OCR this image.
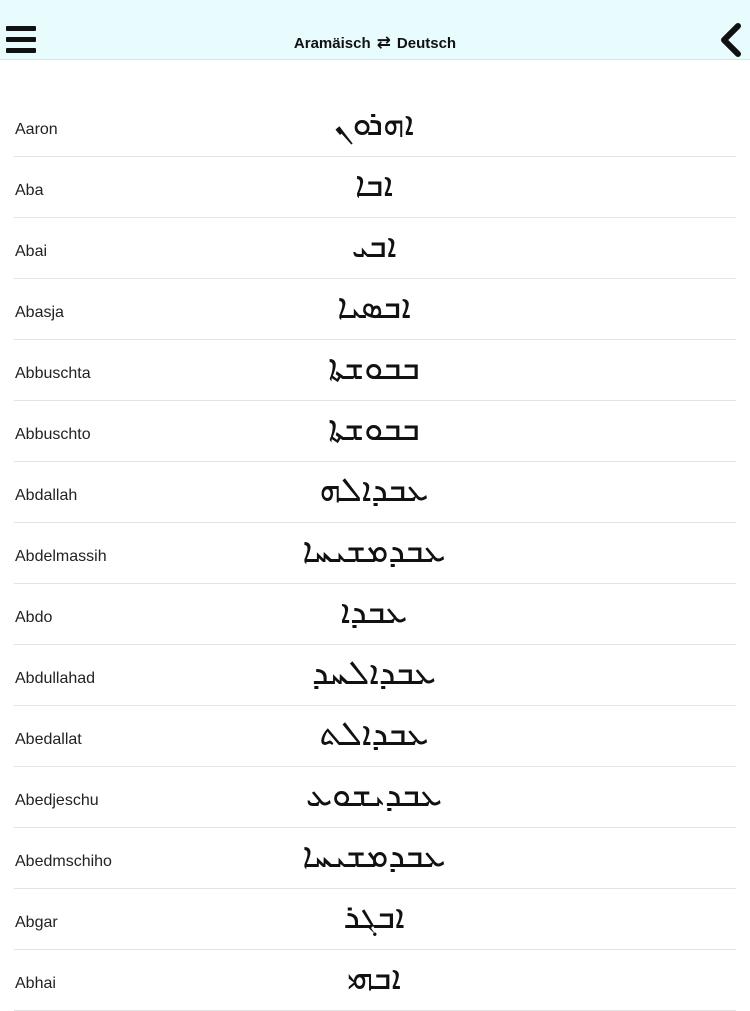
Aramäisch ⇄ Deutsch
Aaron	ܐܗܪܘܢ
Aba	ܐܒܐ
Abai	ܐܒܝ
Abasja	ܐܒܣܝܐ
Abbuschta	ܒܒܘܫܬܐ
Abbuschto	ܒܒܘܫܬܐ
Abdallah	ܥܒܕܐܠܗ
Abdelmassih	ܥܒܕܡܫܝܚܐ
Abdo	ܥܒܕܐ
Abdullahad	ܥܒܕܐܠܚܕ
Abedallat	ܥܒܕܐܠܬ
Abedjeschu	ܥܒܕܝܫܘܥ
Abedmschiho	ܥܒܕܡܫܝܚܐ
Abgar	ܐܒܓܪ
Abhai	ܐܒܗܝ
